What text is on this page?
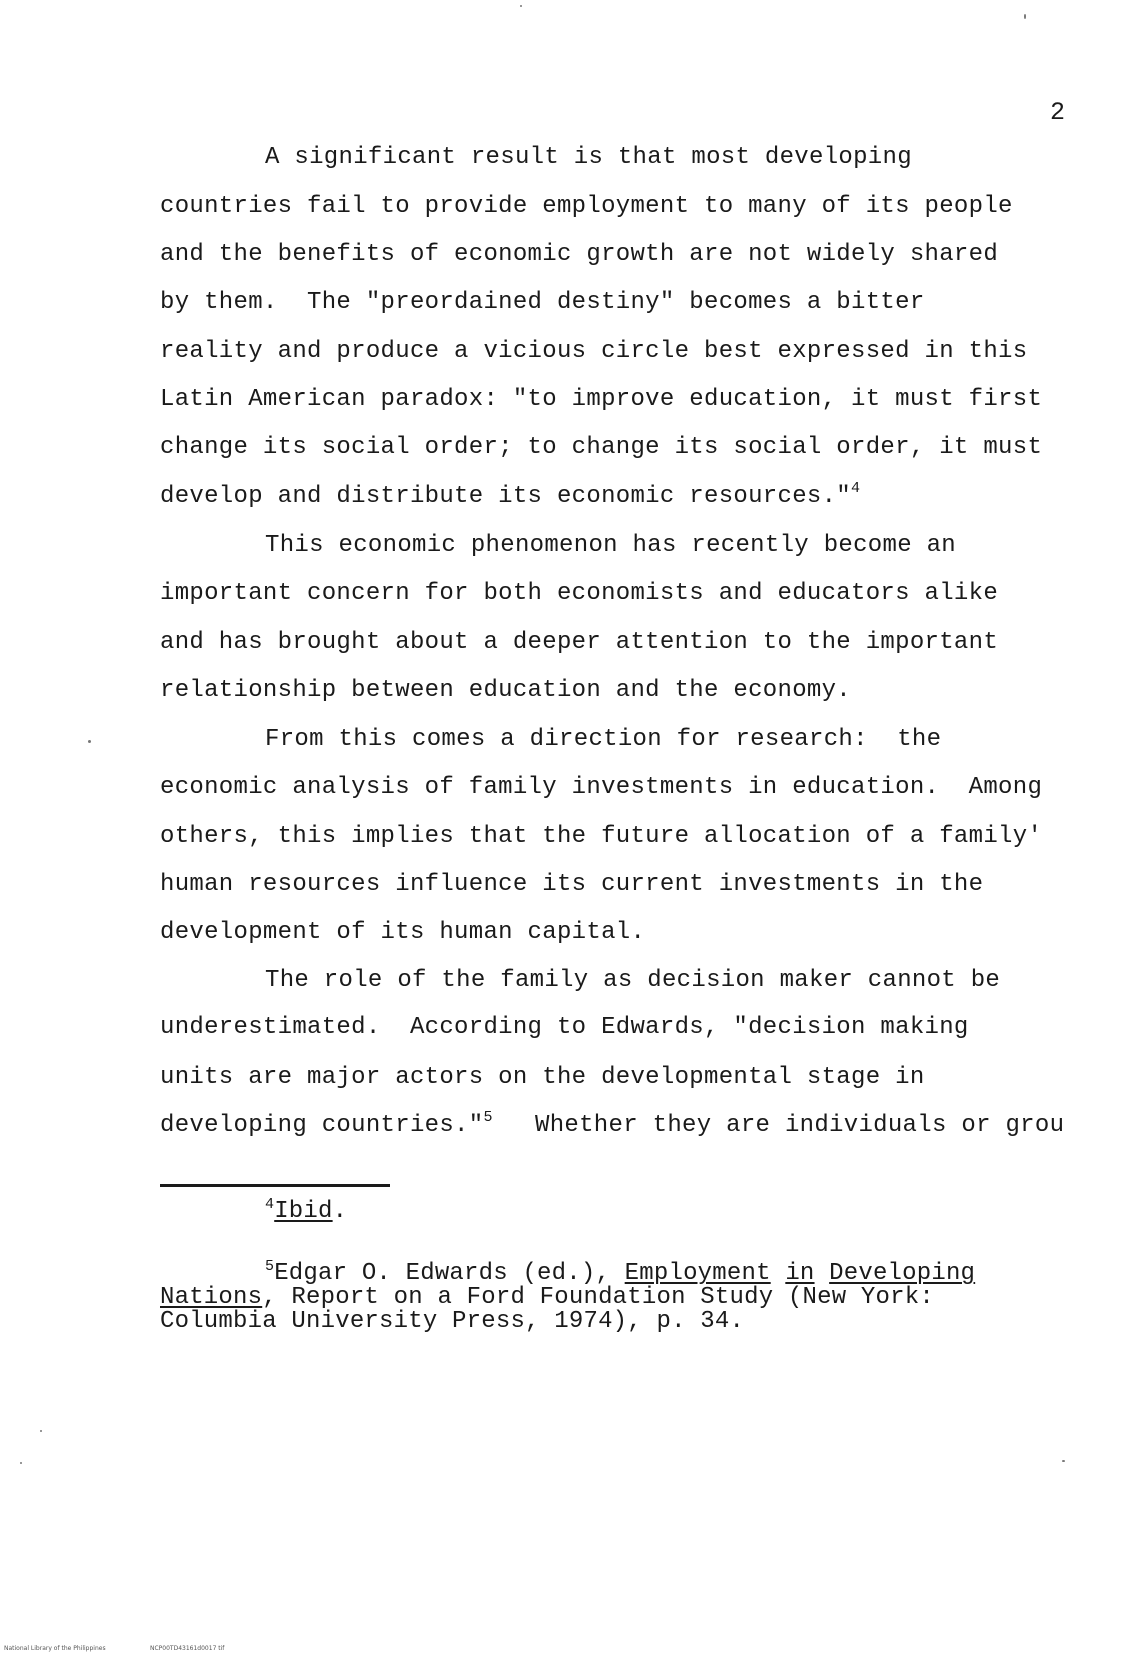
2
A significant result is that most developing
countries fail to provide employment to many of its people
and the benefits of economic growth are not widely shared
by them.  The "preordained destiny" becomes a bitter
reality and produce a vicious circle best expressed in this
Latin American paradox: "to improve education, it must first
change its social order; to change its social order, it must
develop and distribute its economic resources."$^4$
This economic phenomenon has recently become an
important concern for both economists and educators alike
and has brought about a deeper attention to the important
relationship between education and the economy.
From this comes a direction for research:  the
economic analysis of family investments in education.  Among
others, this implies that the future allocation of a family'
human resources influence its current investments in the
development of its human capital.
The role of the family as decision maker cannot be
underestimated.  According to Edwards, "decision making
units are major actors on the developmental stage in
developing countries."$^5$ Whether they are individuals or grou
$^4$Ibid.
$^5$Edgar O. Edwards (ed.), Employment in Developing
Nations, Report on a Ford Foundation Study (New York:
Columbia University Press, 1974), p. 34.
National Library of the Philippines	NCP00TD43161d0017 tif
